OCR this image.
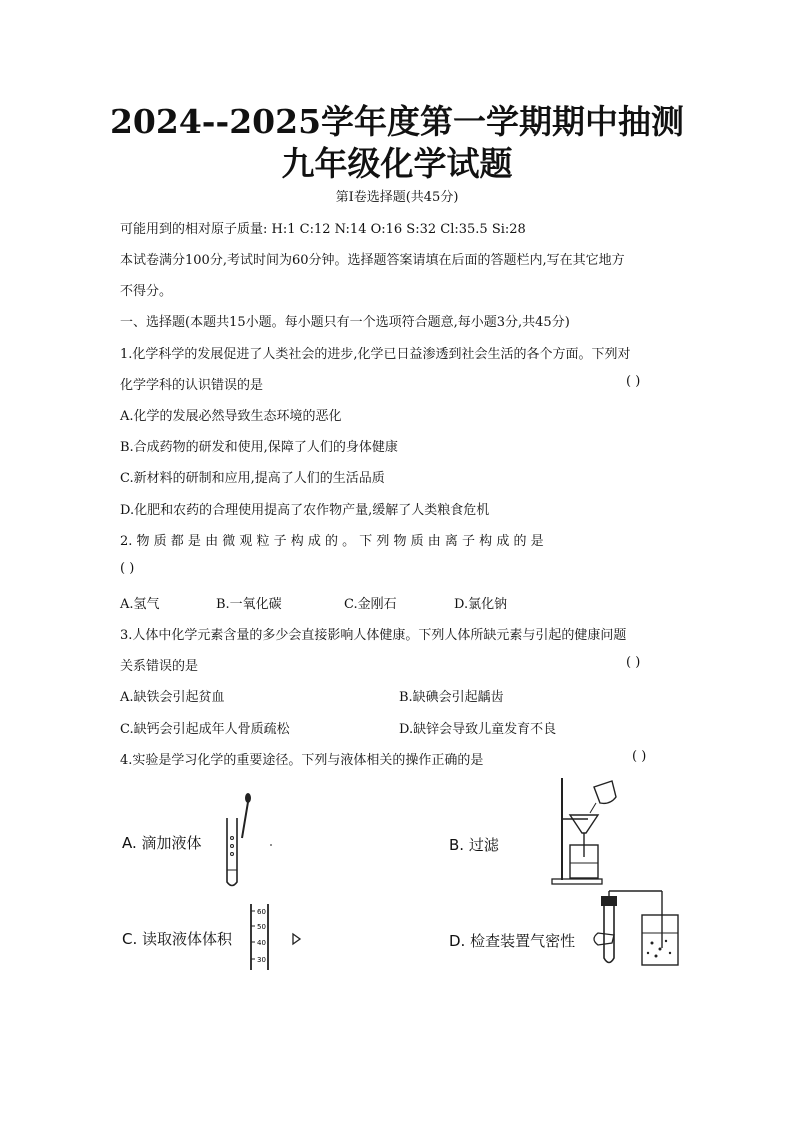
2024--2025学年度第一学期期中抽测
九年级化学试题
第Ⅰ卷选择题(共45分)
可能用到的相对原子质量: H:1 C:12 N:14 O:16 S:32 Cl:35.5 Si:28
本试卷满分100分,考试时间为60分钟。选择题答案请填在后面的答题栏内,写在其它地方
不得分。
一、选择题(本题共15小题。每小题只有一个选项符合题意,每小题3分,共45分)
1.化学科学的发展促进了人类社会的进步,化学已日益渗透到社会生活的各个方面。下列对
化学学科的认识错误的是	( )
A.化学的发展必然导致生态环境的恶化
B.合成药物的研发和使用,保障了人们的身体健康
C.新材料的研制和应用,提高了人们的生活品质
D.化肥和农药的合理使用提高了农作物产量,缓解了人类粮食危机
2. 物 质 都 是 由 微 观 粒 子 构 成 的 。 下 列 物 质 由 离 子 构 成 的 是
( )
A.氢气	B.一氧化碳	C.金刚石	D.氯化钠
3.人体中化学元素含量的多少会直接影响人体健康。下列人体所缺元素与引起的健康问题
关系错误的是	( )
A.缺铁会引起贫血	B.缺碘会引起龋齿
C.缺钙会引起成年人骨质疏松	D.缺锌会导致儿童发育不良
4.实验是学习化学的重要途径。下列与液体相关的操作正确的是	( )
A. 滴加液体	B. 过滤
C. 读取液体体积	D. 检查装置气密性
60
50
40
30
